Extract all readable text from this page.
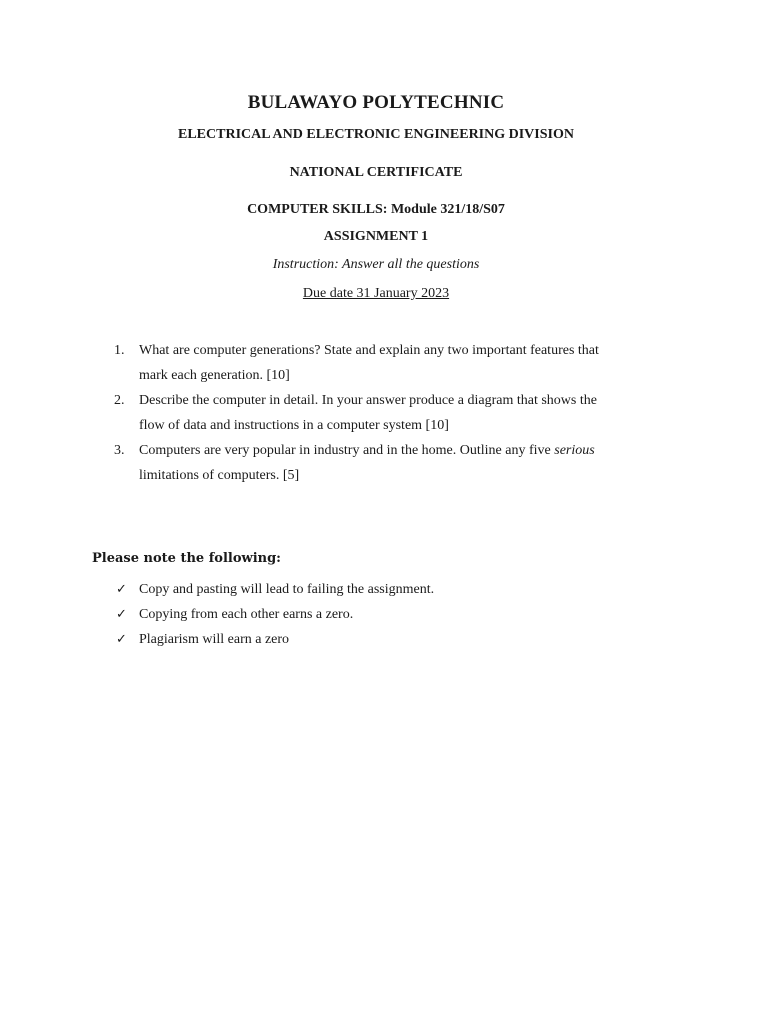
BULAWAYO POLYTECHNIC
ELECTRICAL AND ELECTRONIC ENGINEERING DIVISION
NATIONAL CERTIFICATE
COMPUTER SKILLS: Module 321/18/S07
ASSIGNMENT 1
Instruction: Answer all the questions
Due date 31 January 2023
1. What are computer generations? State and explain any two important features that
mark each generation. [10]
2. Describe the computer in detail. In your answer produce a diagram that shows the
flow of data and instructions in a computer system [10]
3. Computers are very popular in industry and in the home. Outline any five serious
limitations of computers. [5]
Please note the following:
✓ Copy and pasting will lead to failing the assignment.
✓ Copying from each other earns a zero.
✓ Plagiarism will earn a zero
